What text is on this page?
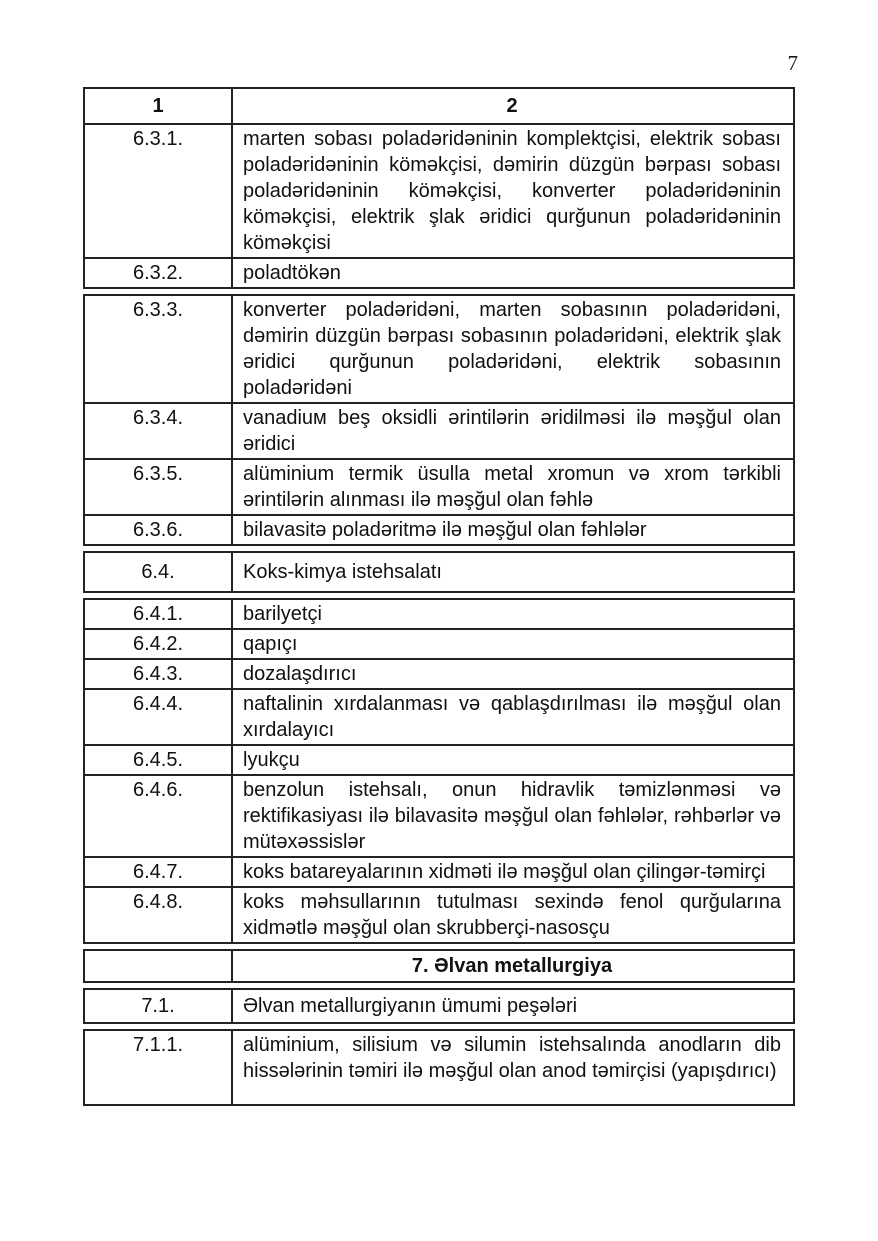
7
1	2
6.3.1.	marten sobası poladəridəninin komplektçisi, elektrik sobası poladəridəninin köməkçisi, dəmirin düzgün bərpası sobası poladəridəninin köməkçisi, konverter poladəridəninin köməkçisi, elektrik şlak əridici qurğunun poladəridəninin köməkçisi
6.3.2.	poladtökən
6.3.3.	konverter poladəridəni, marten sobasının poladəridəni, dəmirin düzgün bərpası sobasının poladəridəni, elektrik şlak əridici qurğunun poladəridəni, elektrik sobasının poladəridəni
6.3.4.	vanadiuм beş oksidli ərintilərin əridilməsi ilə məşğul olan əridici
6.3.5.	alüminium termik üsulla metal xromun və xrom tərkibli ərintilərin alınması ilə məşğul olan fəhlə
6.3.6.	bilavasitə poladəritmə ilə məşğul olan fəhlələr
6.4.	Koks-kimya istehsalatı
6.4.1.	barilyetçi
6.4.2.	qapıçı
6.4.3.	dozalaşdırıcı
6.4.4.	naftalinin xırdalanması və qablaşdırılması ilə məşğul olan xırdalayıcı
6.4.5.	lyukçu
6.4.6.	benzolun istehsalı, onun hidravlik təmizlənməsi və rektifikasiyası ilə bilavasitə məşğul olan fəhlələr, rəhbərlər və mütəxəssislər
6.4.7.	koks batareyalarının xidməti ilə məşğul olan çilingər-təmirçi
6.4.8.	koks məhsullarının tutulması sexində fenol qurğularına xidmətlə məşğul olan skrubberçi-nasosçu
7. Əlvan metallurgiya
7.1.	Əlvan metallurgiyanın ümumi peşələri
7.1.1.	alüminium, silisium və silumin istehsalında anodların dib hissələrinin təmiri ilə məşğul olan anod təmirçisi (yapışdırıcı)
